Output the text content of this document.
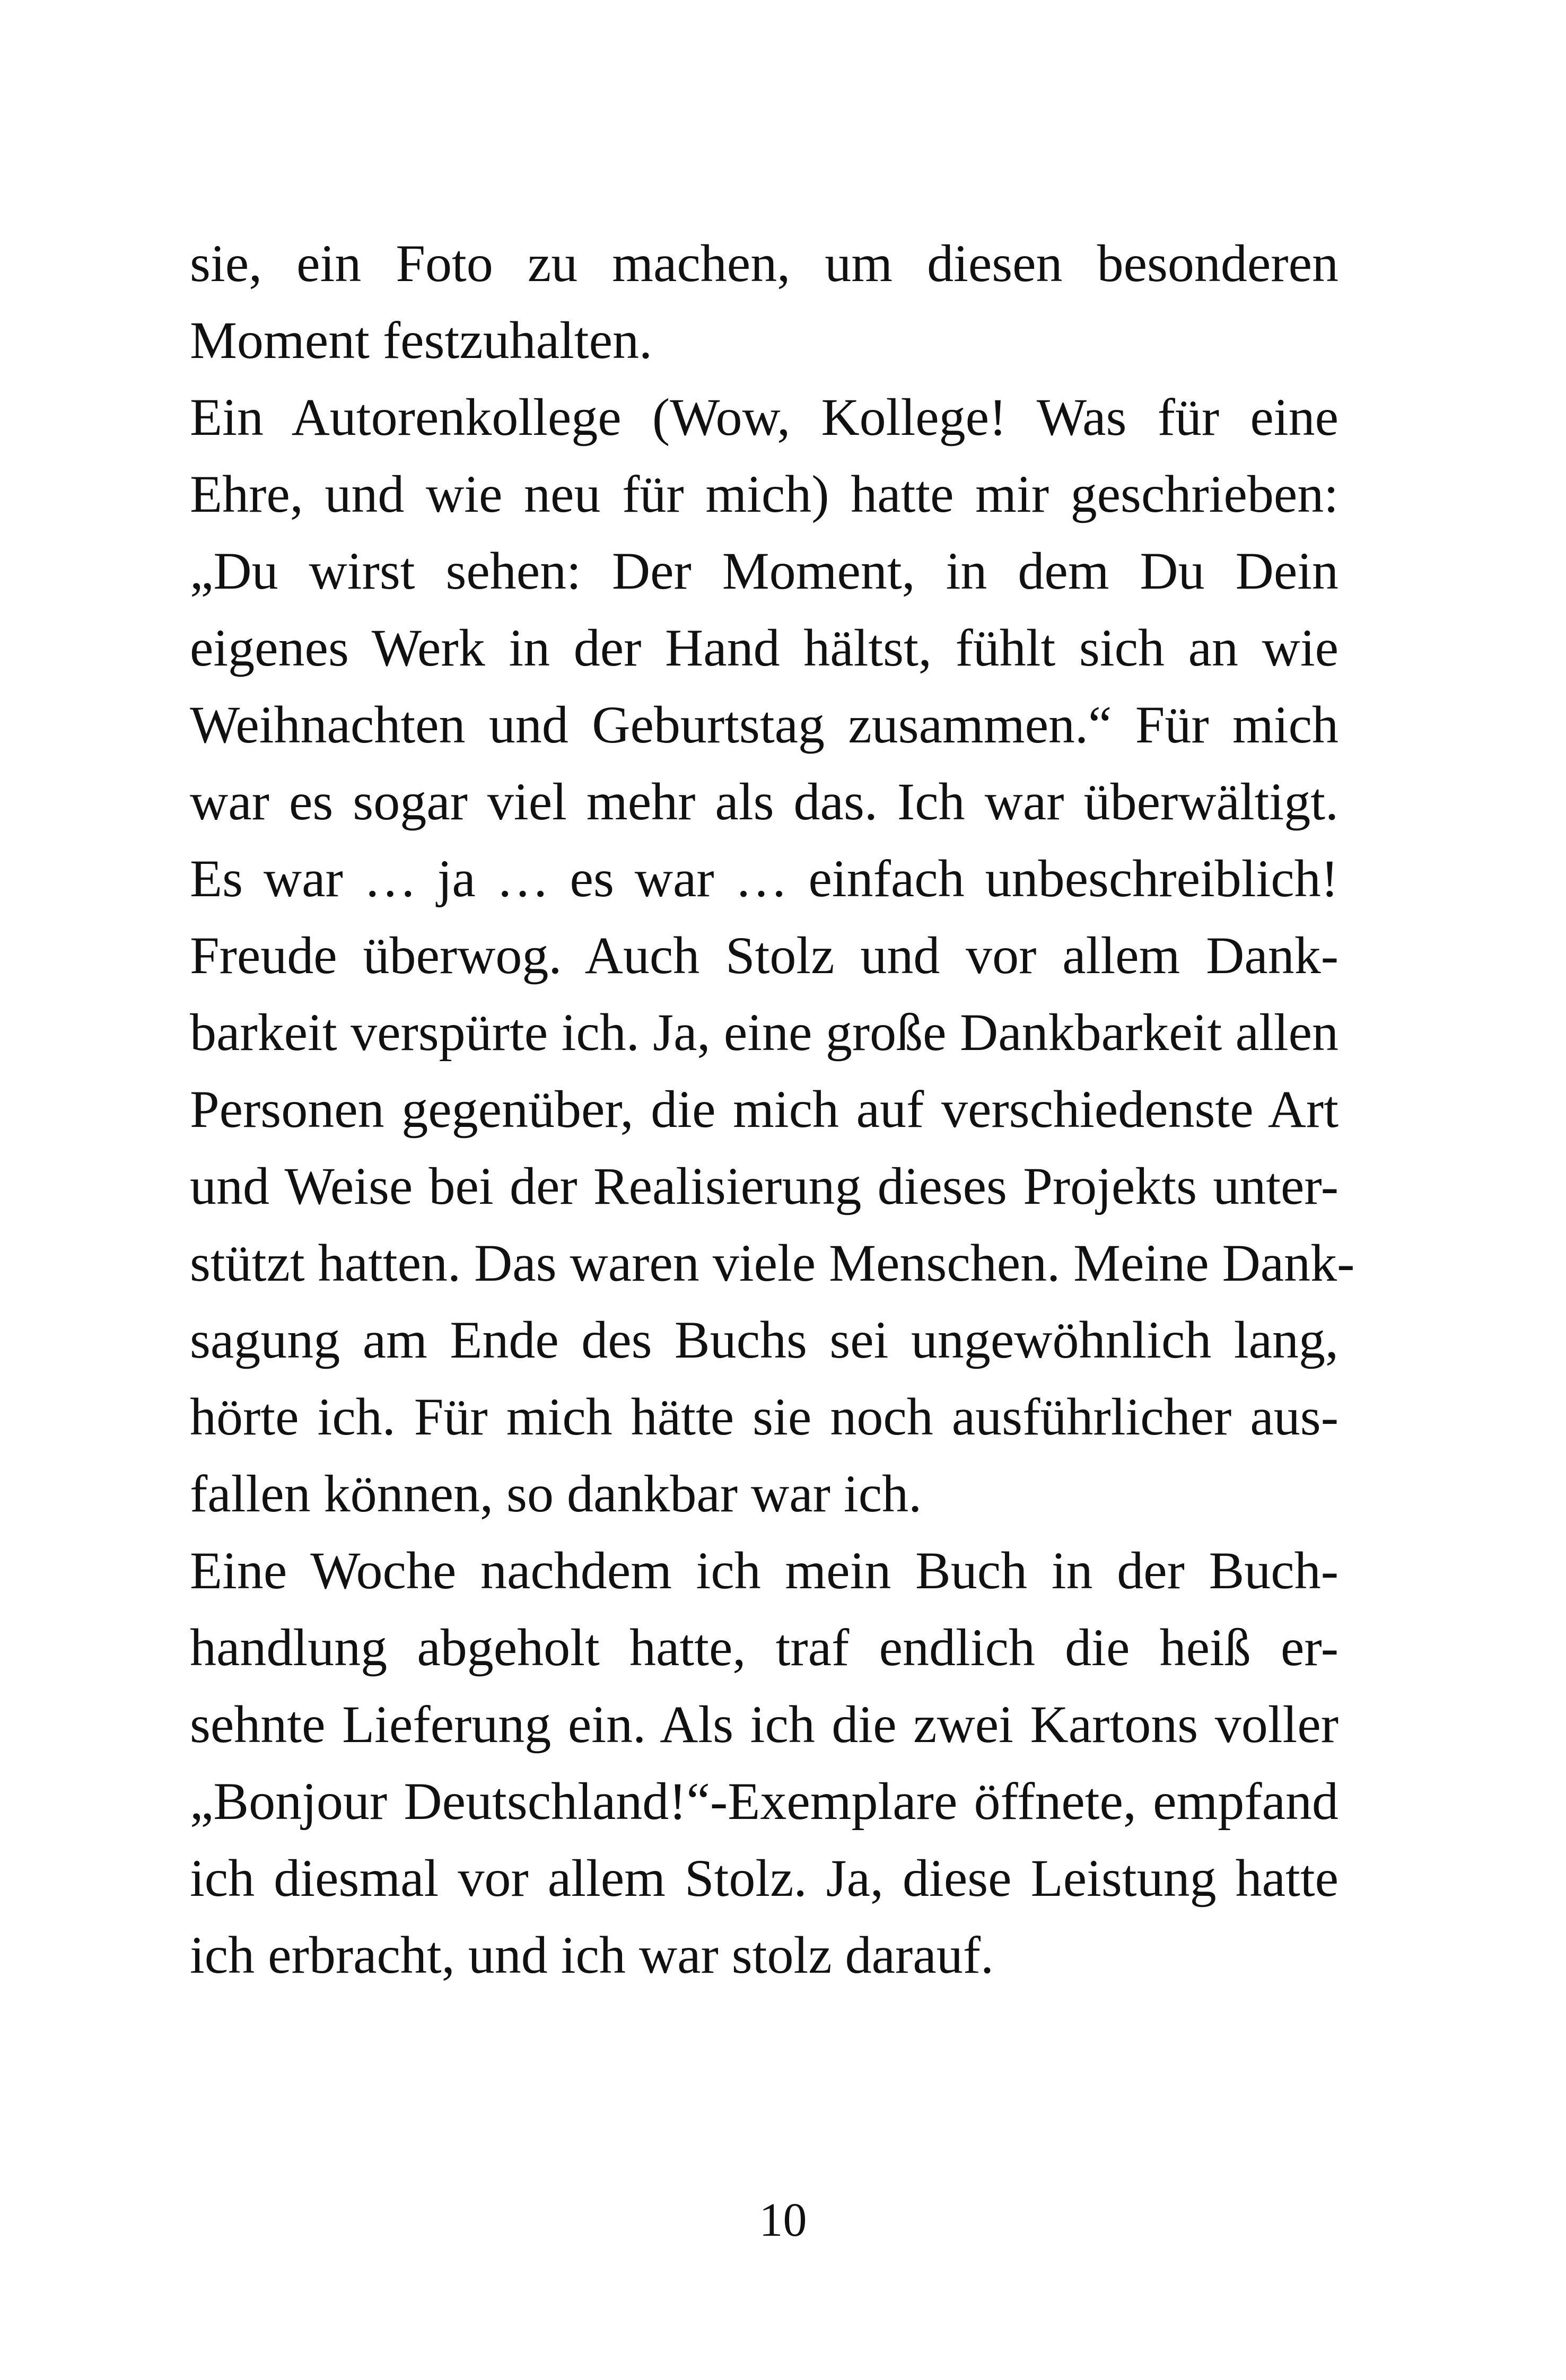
sie, ein Foto zu machen, um diesen besonderen
Moment festzuhalten.
Ein Autorenkollege (Wow, Kollege! Was für eine
Ehre, und wie neu für mich) hatte mir geschrieben:
„Du wirst sehen: Der Moment, in dem Du Dein
eigenes Werk in der Hand hältst, fühlt sich an wie
Weihnachten und Geburtstag zusammen.“ Für mich
war es sogar viel mehr als das. Ich war überwältigt.
Es war … ja … es war … einfach unbeschreiblich!
Freude überwog. Auch Stolz und vor allem Dank-
barkeit verspürte ich. Ja, eine große Dankbarkeit allen
Personen gegenüber, die mich auf verschiedenste Art
und Weise bei der Realisierung dieses Projekts unter-
stützt hatten. Das waren viele Menschen. Meine Dank-
sagung am Ende des Buchs sei ungewöhnlich lang,
hörte ich. Für mich hätte sie noch ausführlicher aus-
fallen können, so dankbar war ich.
Eine Woche nachdem ich mein Buch in der Buch-
handlung abgeholt hatte, traf endlich die heiß er-
sehnte Lieferung ein. Als ich die zwei Kartons voller
„Bonjour Deutschland!“-Exemplare öffnete, empfand
ich diesmal vor allem Stolz. Ja, diese Leistung hatte
ich erbracht, und ich war stolz darauf.
10
